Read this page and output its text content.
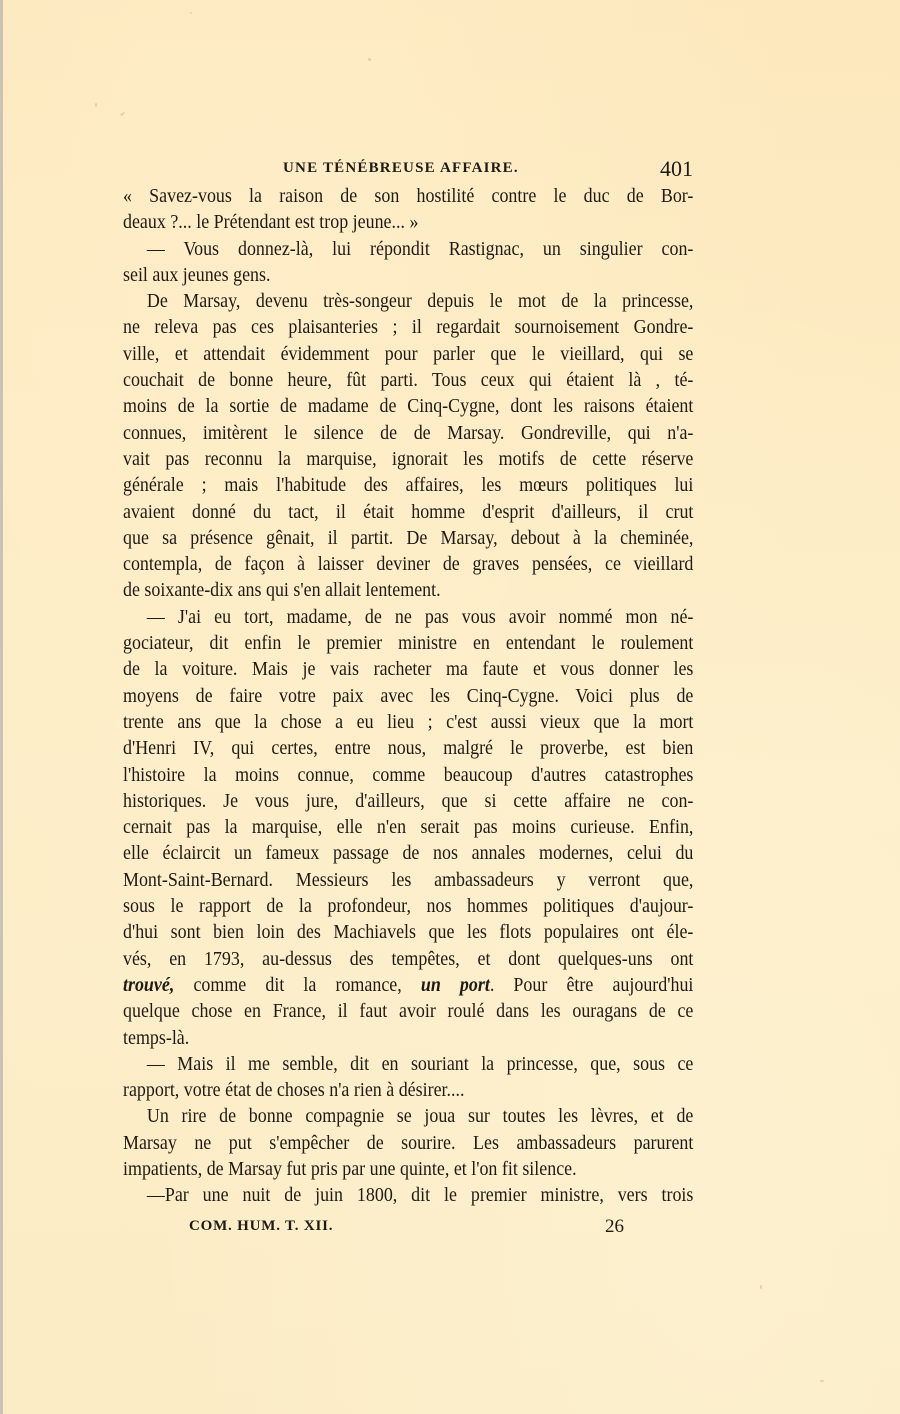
UNE TÉNÉBREUSE AFFAIRE.	401
« Savez-vous la raison de son hostilité contre le duc de Bor-
deaux ?... le Prétendant est trop jeune... »
— Vous donnez-là, lui répondit Rastignac, un singulier con-
seil aux jeunes gens.
De Marsay, devenu très-songeur depuis le mot de la princesse,
ne releva pas ces plaisanteries ; il regardait sournoisement Gondre-
ville, et attendait évidemment pour parler que le vieillard, qui se
couchait de bonne heure, fût parti. Tous ceux qui étaient là , té-
moins de la sortie de madame de Cinq-Cygne, dont les raisons étaient
connues, imitèrent le silence de de Marsay. Gondreville, qui n'a-
vait pas reconnu la marquise, ignorait les motifs de cette réserve
générale ; mais l'habitude des affaires, les mœurs politiques lui
avaient donné du tact, il était homme d'esprit d'ailleurs, il crut
que sa présence gênait, il partit. De Marsay, debout à la cheminée,
contempla, de façon à laisser deviner de graves pensées, ce vieillard
de soixante-dix ans qui s'en allait lentement.
— J'ai eu tort, madame, de ne pas vous avoir nommé mon né-
gociateur, dit enfin le premier ministre en entendant le roulement
de la voiture. Mais je vais racheter ma faute et vous donner les
moyens de faire votre paix avec les Cinq-Cygne. Voici plus de
trente ans que la chose a eu lieu ; c'est aussi vieux que la mort
d'Henri IV, qui certes, entre nous, malgré le proverbe, est bien
l'histoire la moins connue, comme beaucoup d'autres catastrophes
historiques. Je vous jure, d'ailleurs, que si cette affaire ne con-
cernait pas la marquise, elle n'en serait pas moins curieuse. Enfin,
elle éclaircit un fameux passage de nos annales modernes, celui du
Mont-Saint-Bernard. Messieurs les ambassadeurs y verront que,
sous le rapport de la profondeur, nos hommes politiques d'aujour-
d'hui sont bien loin des Machiavels que les flots populaires ont éle-
vés, en 1793, au-dessus des tempêtes, et dont quelques-uns ont
trouvé, comme dit la romance, un port. Pour être aujourd'hui
quelque chose en France, il faut avoir roulé dans les ouragans de ce
temps-là.
— Mais il me semble, dit en souriant la princesse, que, sous ce
rapport, votre état de choses n'a rien à désirer....
Un rire de bonne compagnie se joua sur toutes les lèvres, et de
Marsay ne put s'empêcher de sourire. Les ambassadeurs parurent
impatients, de Marsay fut pris par une quinte, et l'on fit silence.
—Par une nuit de juin 1800, dit le premier ministre, vers trois
COM. HUM. T. XII.	26
